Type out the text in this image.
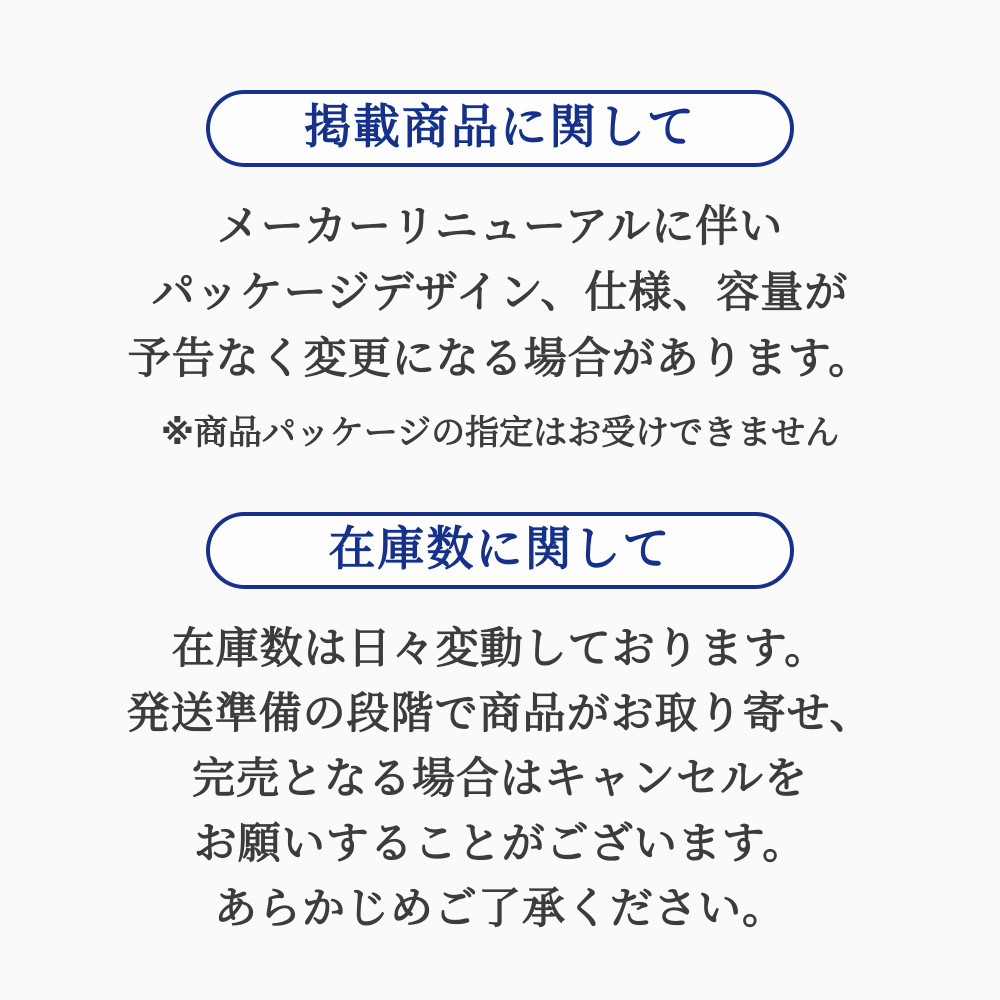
掲載商品に関して
メーカーリニューアルに伴い
パッケージデザイン、仕様、容量が
予告なく変更になる場合があります。
※商品パッケージの指定はお受けできません
在庫数に関して
在庫数は日々変動しております。
発送準備の段階で商品がお取り寄せ、
完売となる場合はキャンセルを
お願いすることがございます。
あらかじめご了承ください。
